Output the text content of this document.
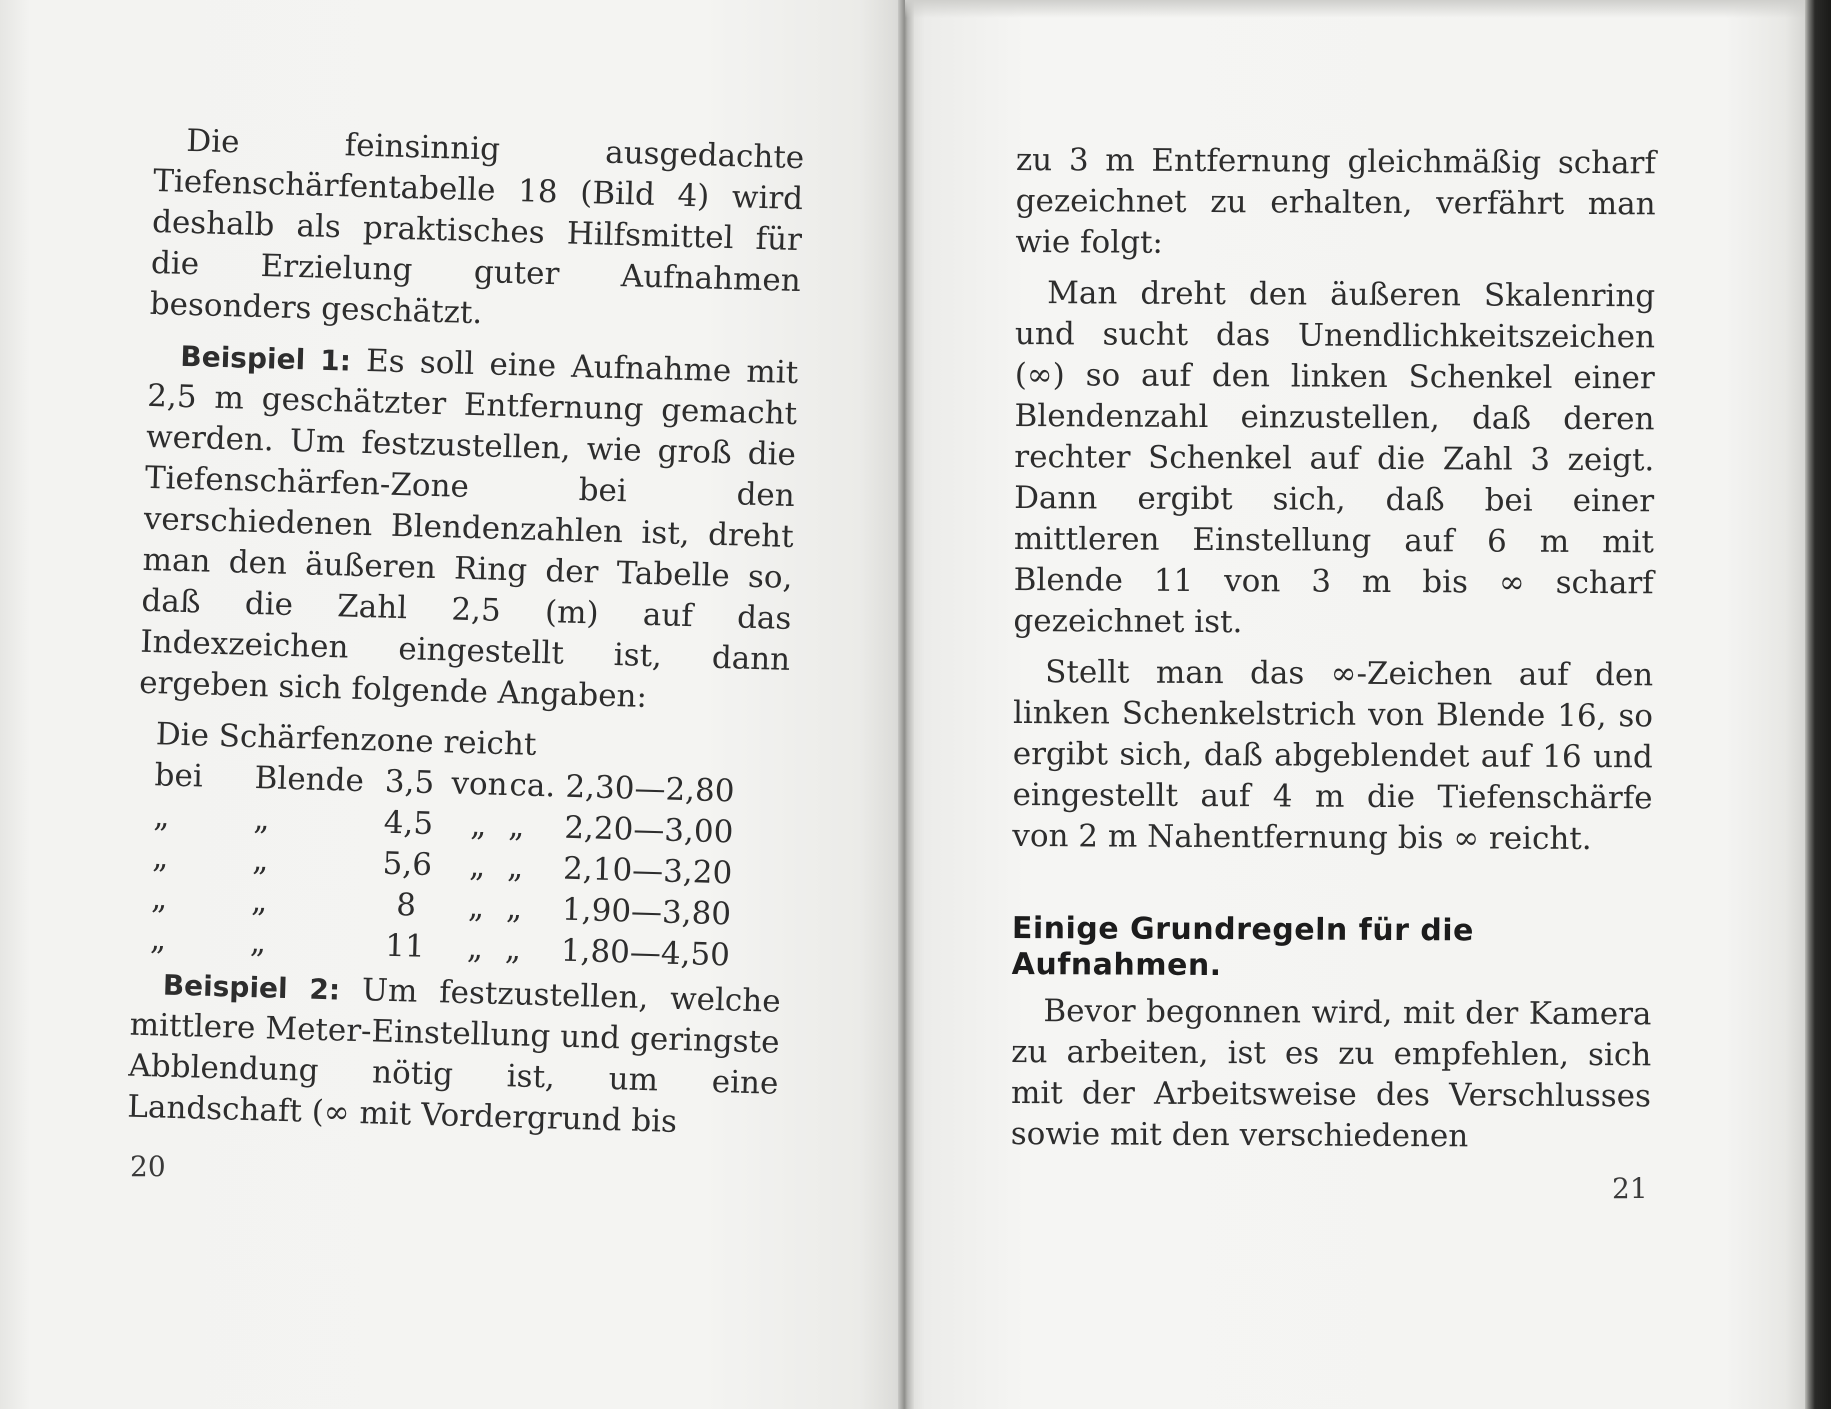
Die feinsinnig ausgedachte Tiefenschärfentabelle 18 (Bild 4) wird deshalb als praktisches Hilfsmittel für die Erzielung guter Aufnahmen besonders geschätzt.

Beispiel 1: Es soll eine Aufnahme mit 2,5 m geschätzter Entfernung gemacht werden. Um festzustellen, wie groß die Tiefenschärfen-Zone bei den verschiedenen Blendenzahlen ist, dreht man den äußeren Ring der Tabelle so, daß die Zahl 2,5 (m) auf das Indexzeichen eingestellt ist, dann ergeben sich folgende Angaben:

Die Schärfenzone reicht
bei	Blende	3,5	von	ca.	2,30—2,80
„	„	4,5	„	„	2,20—3,00
„	„	5,6	„	„	2,10—3,20
„	„	8	„	„	1,90—3,80
„	„	11	„	„	1,80—4,50

Beispiel 2: Um festzustellen, welche mittlere Meter-Einstellung und geringste Abblendung nötig ist, um eine Landschaft (∞ mit Vordergrund bis

20

zu 3 m Entfernung gleichmäßig scharf gezeichnet zu erhalten, verfährt man wie folgt:

Man dreht den äußeren Skalenring und sucht das Unendlichkeitszeichen (∞) so auf den linken Schenkel einer Blendenzahl einzustellen, daß deren rechter Schenkel auf die Zahl 3 zeigt. Dann ergibt sich, daß bei einer mittleren Einstellung auf 6 m mit Blende 11 von 3 m bis ∞ scharf gezeichnet ist.

Stellt man das ∞-Zeichen auf den linken Schenkelstrich von Blende 16, so ergibt sich, daß abgeblendet auf 16 und eingestellt auf 4 m die Tiefenschärfe von 2 m Nahentfernung bis ∞ reicht.

Einige Grundregeln für die Aufnahmen.

Bevor begonnen wird, mit der Kamera zu arbeiten, ist es zu empfehlen, sich mit der Arbeitsweise des Verschlusses sowie mit den verschiedenen

21
